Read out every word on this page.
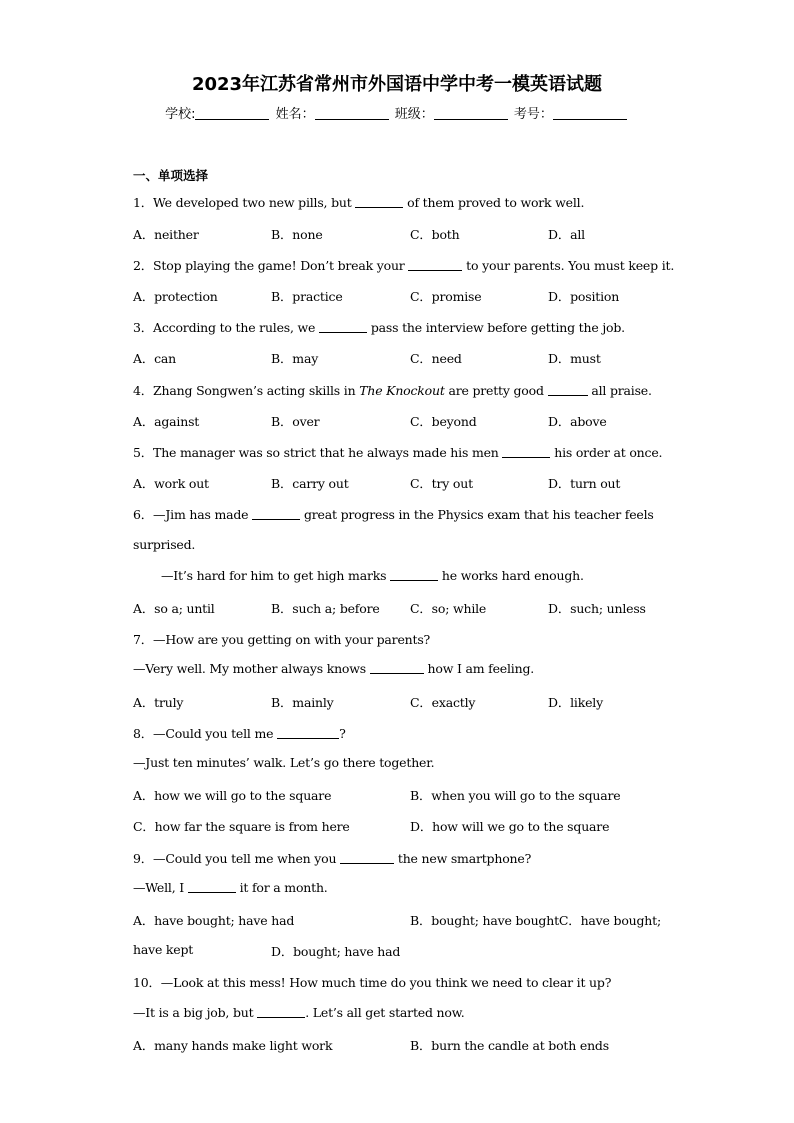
2023年江苏省常州市外国语中学中考一模英语试题
学校:	姓名：	班级：	考号：
一、单项选择
1．We developed two new pills, but	of them proved to work well.
A．neither	B．none	C．both	D．all
2．Stop playing the game! Don’t break your	to your parents. You must keep it.
A．protection	B．practice	C．promise	D．position
3．According to the rules, we	pass the interview before getting the job.
A．can	B．may	C．need	D．must
4．Zhang Songwen’s acting skills in The Knockout are pretty good	all praise.
A．against	B．over	C．beyond	D．above
5．The manager was so strict that he always made his men	his order at once.
A．work out	B．carry out	C．try out	D．turn out
6．—Jim has made	great progress in the Physics exam that his teacher feels
surprised.
—It’s hard for him to get high marks	he works hard enough.
A．so a; until	B．such a; before C．so; while	D．such; unless
7．—How are you getting on with your parents?
—Very well. My mother always knows	how I am feeling.
A．truly	B．mainly	C．exactly	D．likely
8．—Could you tell me	?
—Just ten minutes’ walk. Let’s go there together.
A．how we will go to the square	B．when you will go to the square
C．how far the square is from here	D．how will we go to the square
9．—Could you tell me when you	the new smartphone?
—Well, I	it for a month.
A．have bought; have had	B．bought; have boughtC．have bought;
have kept	D．bought; have had
10．—Look at this mess! How much time do you think we need to clear it up?
—It is a big job, but	. Let’s all get started now.
A．many hands make light work	B．burn the candle at both ends
